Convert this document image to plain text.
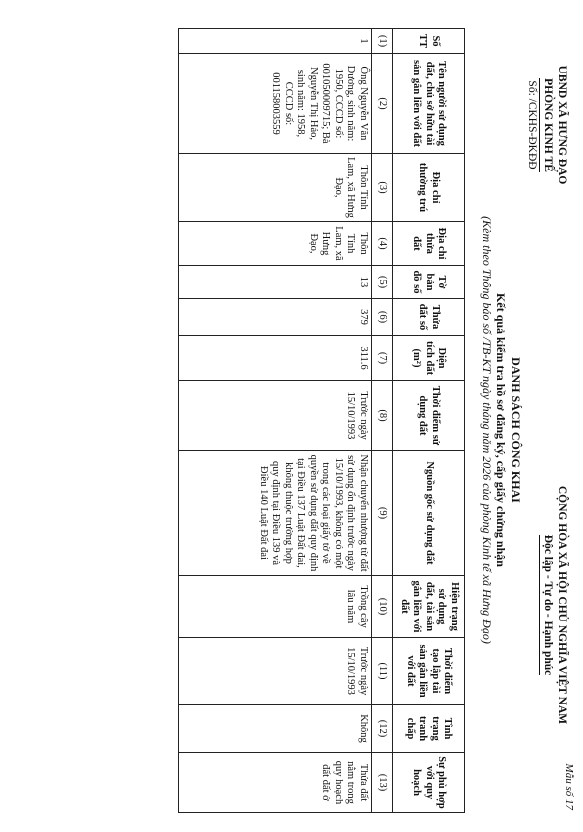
Mẫu số 17
UBND XÃ HƯNG ĐẠO
PHÒNG KINH TẾ
Số: /CKHS-ĐKĐĐ
CỘNG HÒA XÃ HỘI CHỦ NGHĨA VIỆT NAM
Độc lập - Tự do - Hạnh phúc
DANH SÁCH CÔNG KHAI
Kết quả kiểm tra hồ sơ đăng ký, cấp giấy chứng nhận
(Kèm theo Thông báo số /TB-KT ngày tháng năm 2026 của phòng Kinh tế xã Hưng Đạo)
Số TT	Tên người sử dụng đất, chủ sở hữu tài sản gắn liền với đất	Địa chỉ thường trú	Địa chỉ thửa đất	Tờ bản đồ số	Thửa đất số	Diện tích đất (m²)	Thời điểm sử dụng đất	Nguồn gốc sử dụng đất	Hiện trạng sử dụng đất, tài sản gắn liền với đất	Thời điểm tạo lập tài sản gắn liền với đất	Tình trạng tranh chấp	Sự phù hợp với quy hoạch
(1)	(2)	(3)	(4)	(5)	(6)	(7)	(8)	(9)	(10)	(11)	(12)	(13)
1	Ông Nguyễn Văn Dương, sinh năm: 1950, CCCD số: 001050009715; Bà Nguyễn Thị Hảo, sinh năm: 1958, CCCD số: 001158003559	Thôn Tỉnh Lam, xã Hưng Đạo,	Thôn Tỉnh Lam, xã Hưng Đạo,	13	379	311.6	Trước ngày 15/10/1993	Nhận chuyển nhượng từ đất sử dụng ổn định trước ngày 15/10/1993, không có một trong các loại giấy tờ về quyền sử dụng đất quy định tại Điều 137 Luật Đất đai, không thuộc trường hợp quy định tại Điều 139 và Điều 140 Luật Đất đai	Trồng cây lâu năm	Trước ngày 15/10/1993	Không	Thửa đất nằm trong quy hoạch đất đất ở
